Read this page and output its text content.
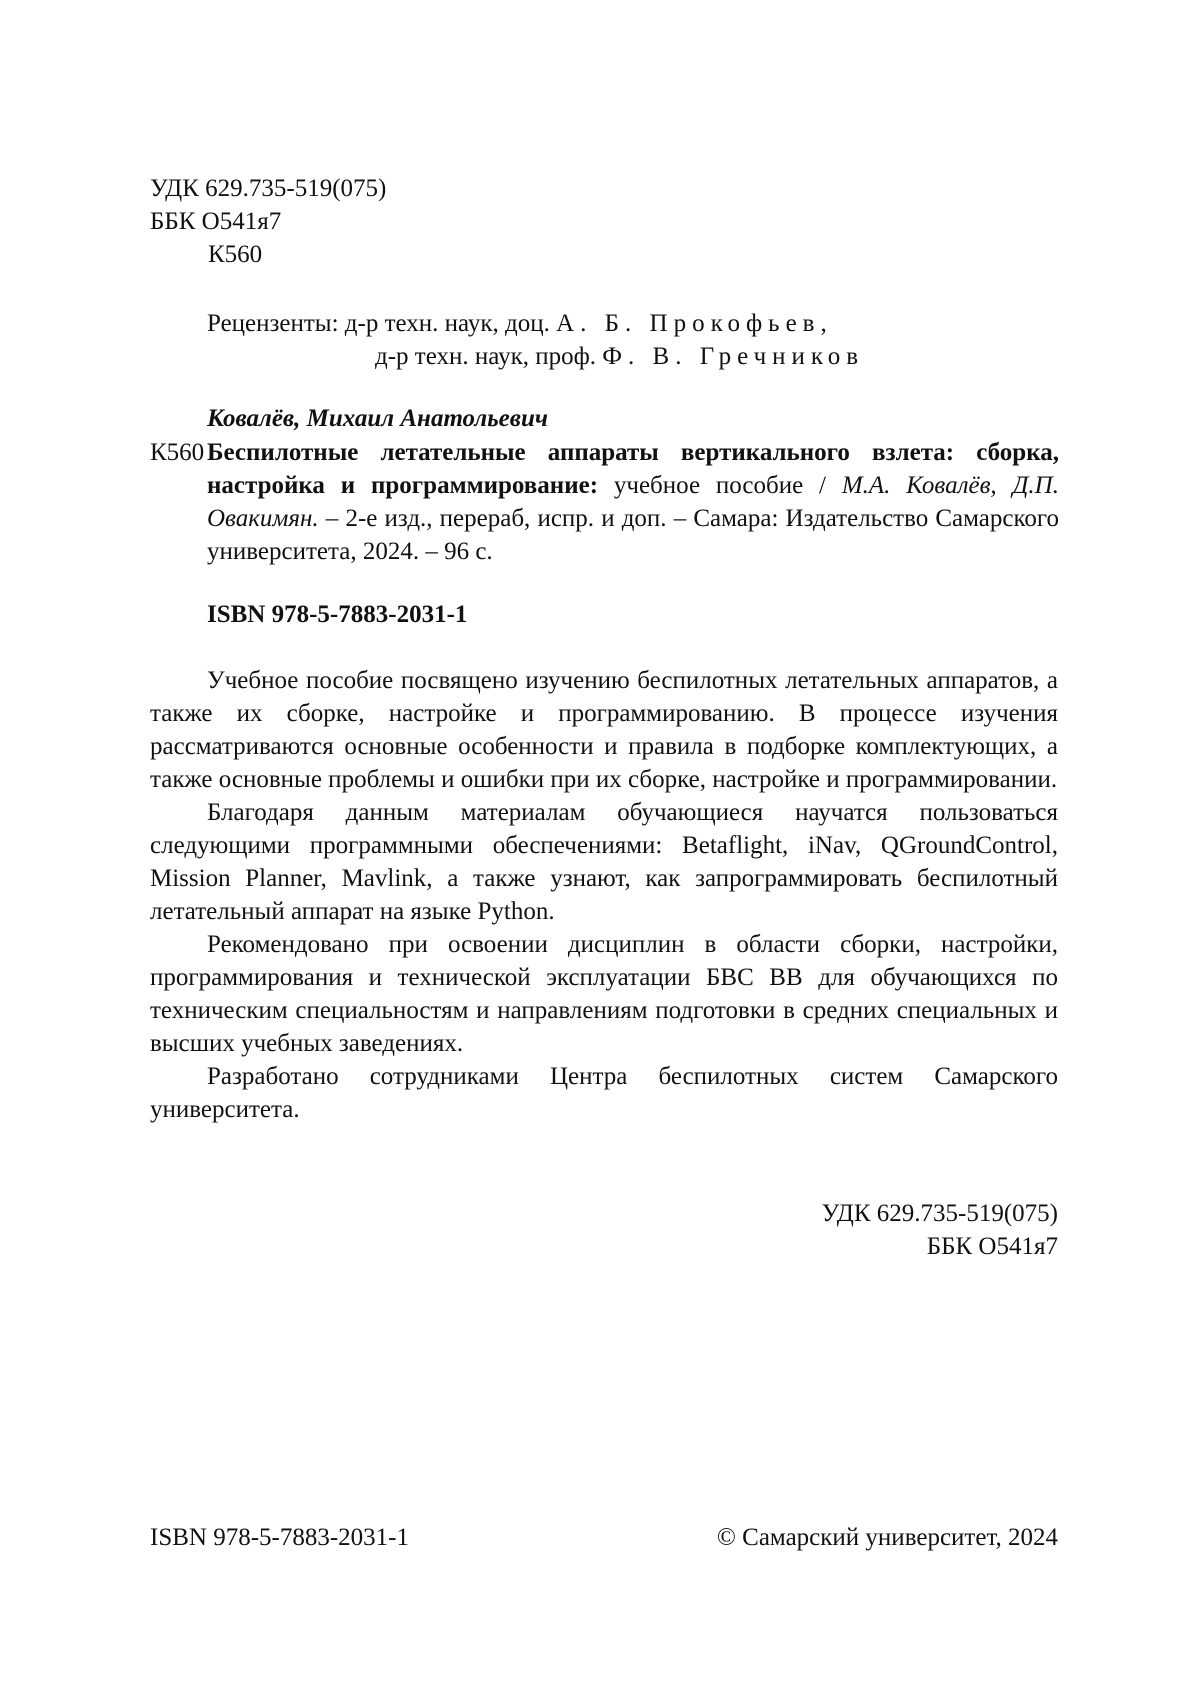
УДК 629.735-519(075)
ББК О541я7
К560
Рецензенты: д-р техн. наук, доц. А. Б. Прокофьев,
д-р техн. наук, проф. Ф. В. Гречников
Ковалёв, Михаил Анатольевич
К560 Беспилотные летательные аппараты вертикального взлета: сборка, настройка и программирование: учебное пособие / М.А. Ковалёв, Д.П. Овакимян. – 2-е изд., перераб, испр. и доп. – Самара: Издательство Самарского университета, 2024. – 96 с.
ISBN 978-5-7883-2031-1

Учебное пособие посвящено изучению беспилотных летательных аппаратов, а также их сборке, настройке и программированию. В процессе изучения рассматриваются основные особенности и правила в подборке комплектующих, а также основные проблемы и ошибки при их сборке, настройке и программировании.

Благодаря данным материалам обучающиеся научатся пользоваться следующими программными обеспечениями: Betaflight, iNav, QGroundControl, Mission Planner, Mavlink, а также узнают, как запрограммировать беспилотный летательный аппарат на языке Python.

Рекомендовано при освоении дисциплин в области сборки, настройки, программирования и технической эксплуатации БВС ВВ для обучающихся по техническим специальностям и направлениям подготовки в средних специальных и высших учебных заведениях.

Разработано сотрудниками Центра беспилотных систем Самарского университета.

УДК 629.735-519(075)
ББК О541я7
ISBN 978-5-7883-2031-1	© Самарский университет, 2024
